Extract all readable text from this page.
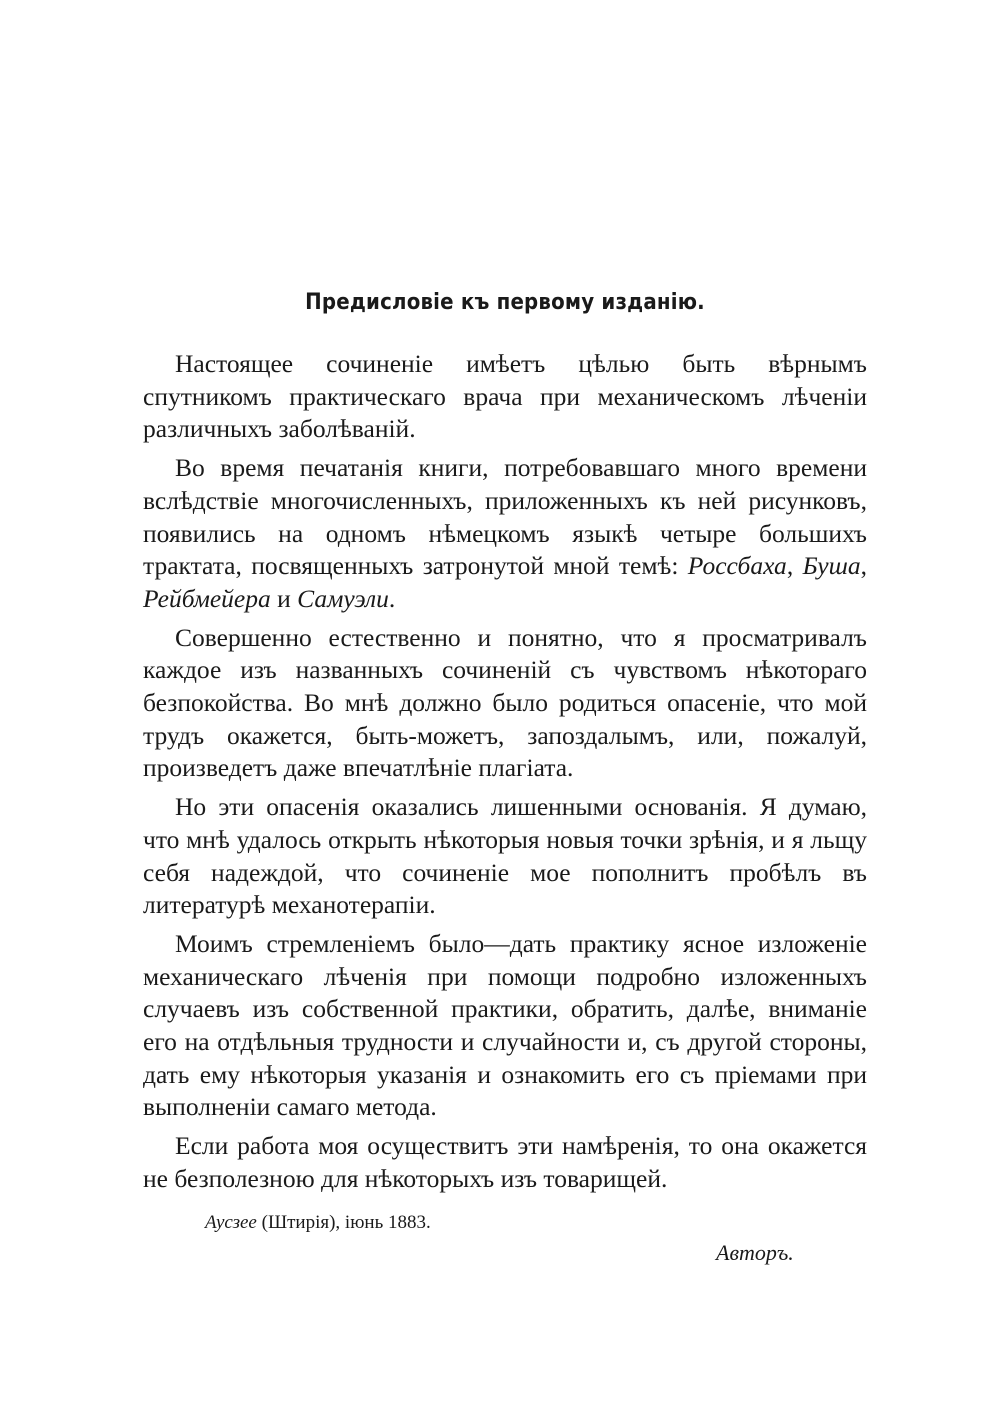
Предисловіе къ первому изданію.

Настоящее сочиненіе имѣетъ цѣлью быть вѣрнымъ спутникомъ практическаго врача при механическомъ лѣченіи различныхъ заболѣваній.

Во время печатанія книги, потребовавшаго много времени вслѣдствіе многочисленныхъ, приложенныхъ къ ней рисунковъ, появились на одномъ нѣмецкомъ языкѣ четыре большихъ трактата, посвященныхъ затронутой мной темѣ: Россбаха, Буша, Рейбмейера и Самуэли.

Совершенно естественно и понятно, что я просматривалъ каждое изъ названныхъ сочиненій съ чувствомъ нѣкотораго безпокойства. Во мнѣ должно было родиться опасеніе, что мой трудъ окажется, быть-можетъ, запоздалымъ, или, пожалуй, произведетъ даже впечатлѣніе плагіата.

Но эти опасенія оказались лишенными основанія. Я думаю, что мнѣ удалось открыть нѣкоторыя новыя точки зрѣнія, и я льщу себя надеждой, что сочиненіе мое пополнитъ пробѣлъ въ литературѣ механотерапіи.

Моимъ стремленіемъ было—дать практику ясное изложеніе механическаго лѣченія при помощи подробно изложенныхъ случаевъ изъ собственной практики, обратить, далѣе, вниманіе его на отдѣльныя трудности и случайности и, съ другой стороны, дать ему нѣкоторыя указанія и ознакомить его съ пріемами при выполненіи самаго метода.

Если работа моя осуществитъ эти намѣренія, то она окажется не безполезною для нѣкоторыхъ изъ товарищей.

Аусзее (Штирія), іюнь 1883.
Авторъ.
